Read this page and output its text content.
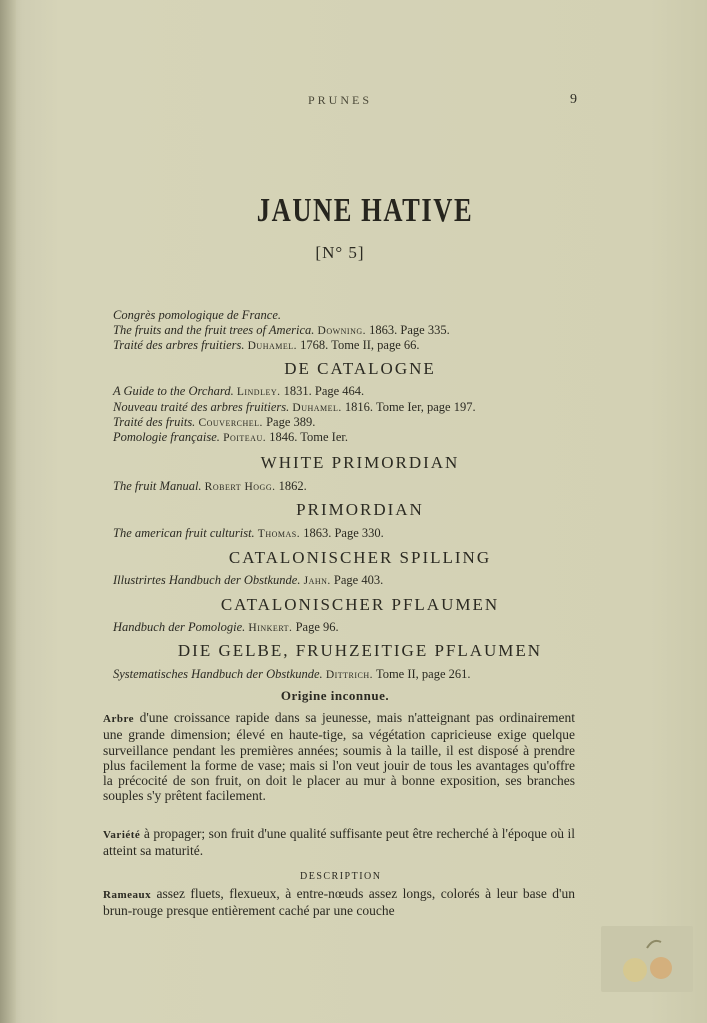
PRUNES	9
JAUNE HATIVE
[N° 5]
Congrès pomologique de France.
The fruits and the fruit trees of America. Downing. 1863. Page 335.
Traité des arbres fruitiers. Duhamel. 1768. Tome II, page 66.
DE CATALOGNE
A Guide to the Orchard. Lindley. 1831. Page 464.
Nouveau traité des arbres fruitiers. Duhamel. 1816. Tome Ier, page 197.
Traité des fruits. Couverchel. Page 389.
Pomologie française. Poiteau. 1846. Tome Ier.
WHITE PRIMORDIAN
The fruit Manual. Robert Hogg. 1862.
PRIMORDIAN
The american fruit culturist. Thomas. 1863. Page 330.
CATALONISCHER SPILLING
Illustrirtes Handbuch der Obstkunde. Jahn. Page 403.
CATALONISCHER PFLAUMEN
Handbuch der Pomologie. Hinkert. Page 96.
DIE GELBE, FRUHZEITIGE PFLAUMEN
Systematisches Handbuch der Obstkunde. Dittrich. Tome II, page 261.
Origine inconnue.
Arbre d'une croissance rapide dans sa jeunesse, mais n'atteignant pas ordinairement une grande dimension; élevé en haute-tige, sa végétation capricieuse exige quelque surveillance pendant les premières années; soumis à la taille, il est disposé à prendre plus facilement la forme de vase; mais si l'on veut jouir de tous les avantages qu'offre la précocité de son fruit, on doit le placer au mur à bonne exposition, ses branches souples s'y prêtent facilement.
Variété à propager; son fruit d'une qualité suffisante peut être recherché à l'époque où il atteint sa maturité.
DESCRIPTION
Rameaux assez fluets, flexueux, à entre-nœuds assez longs, colorés à leur base d'un brun-rouge presque entièrement caché par une couche
